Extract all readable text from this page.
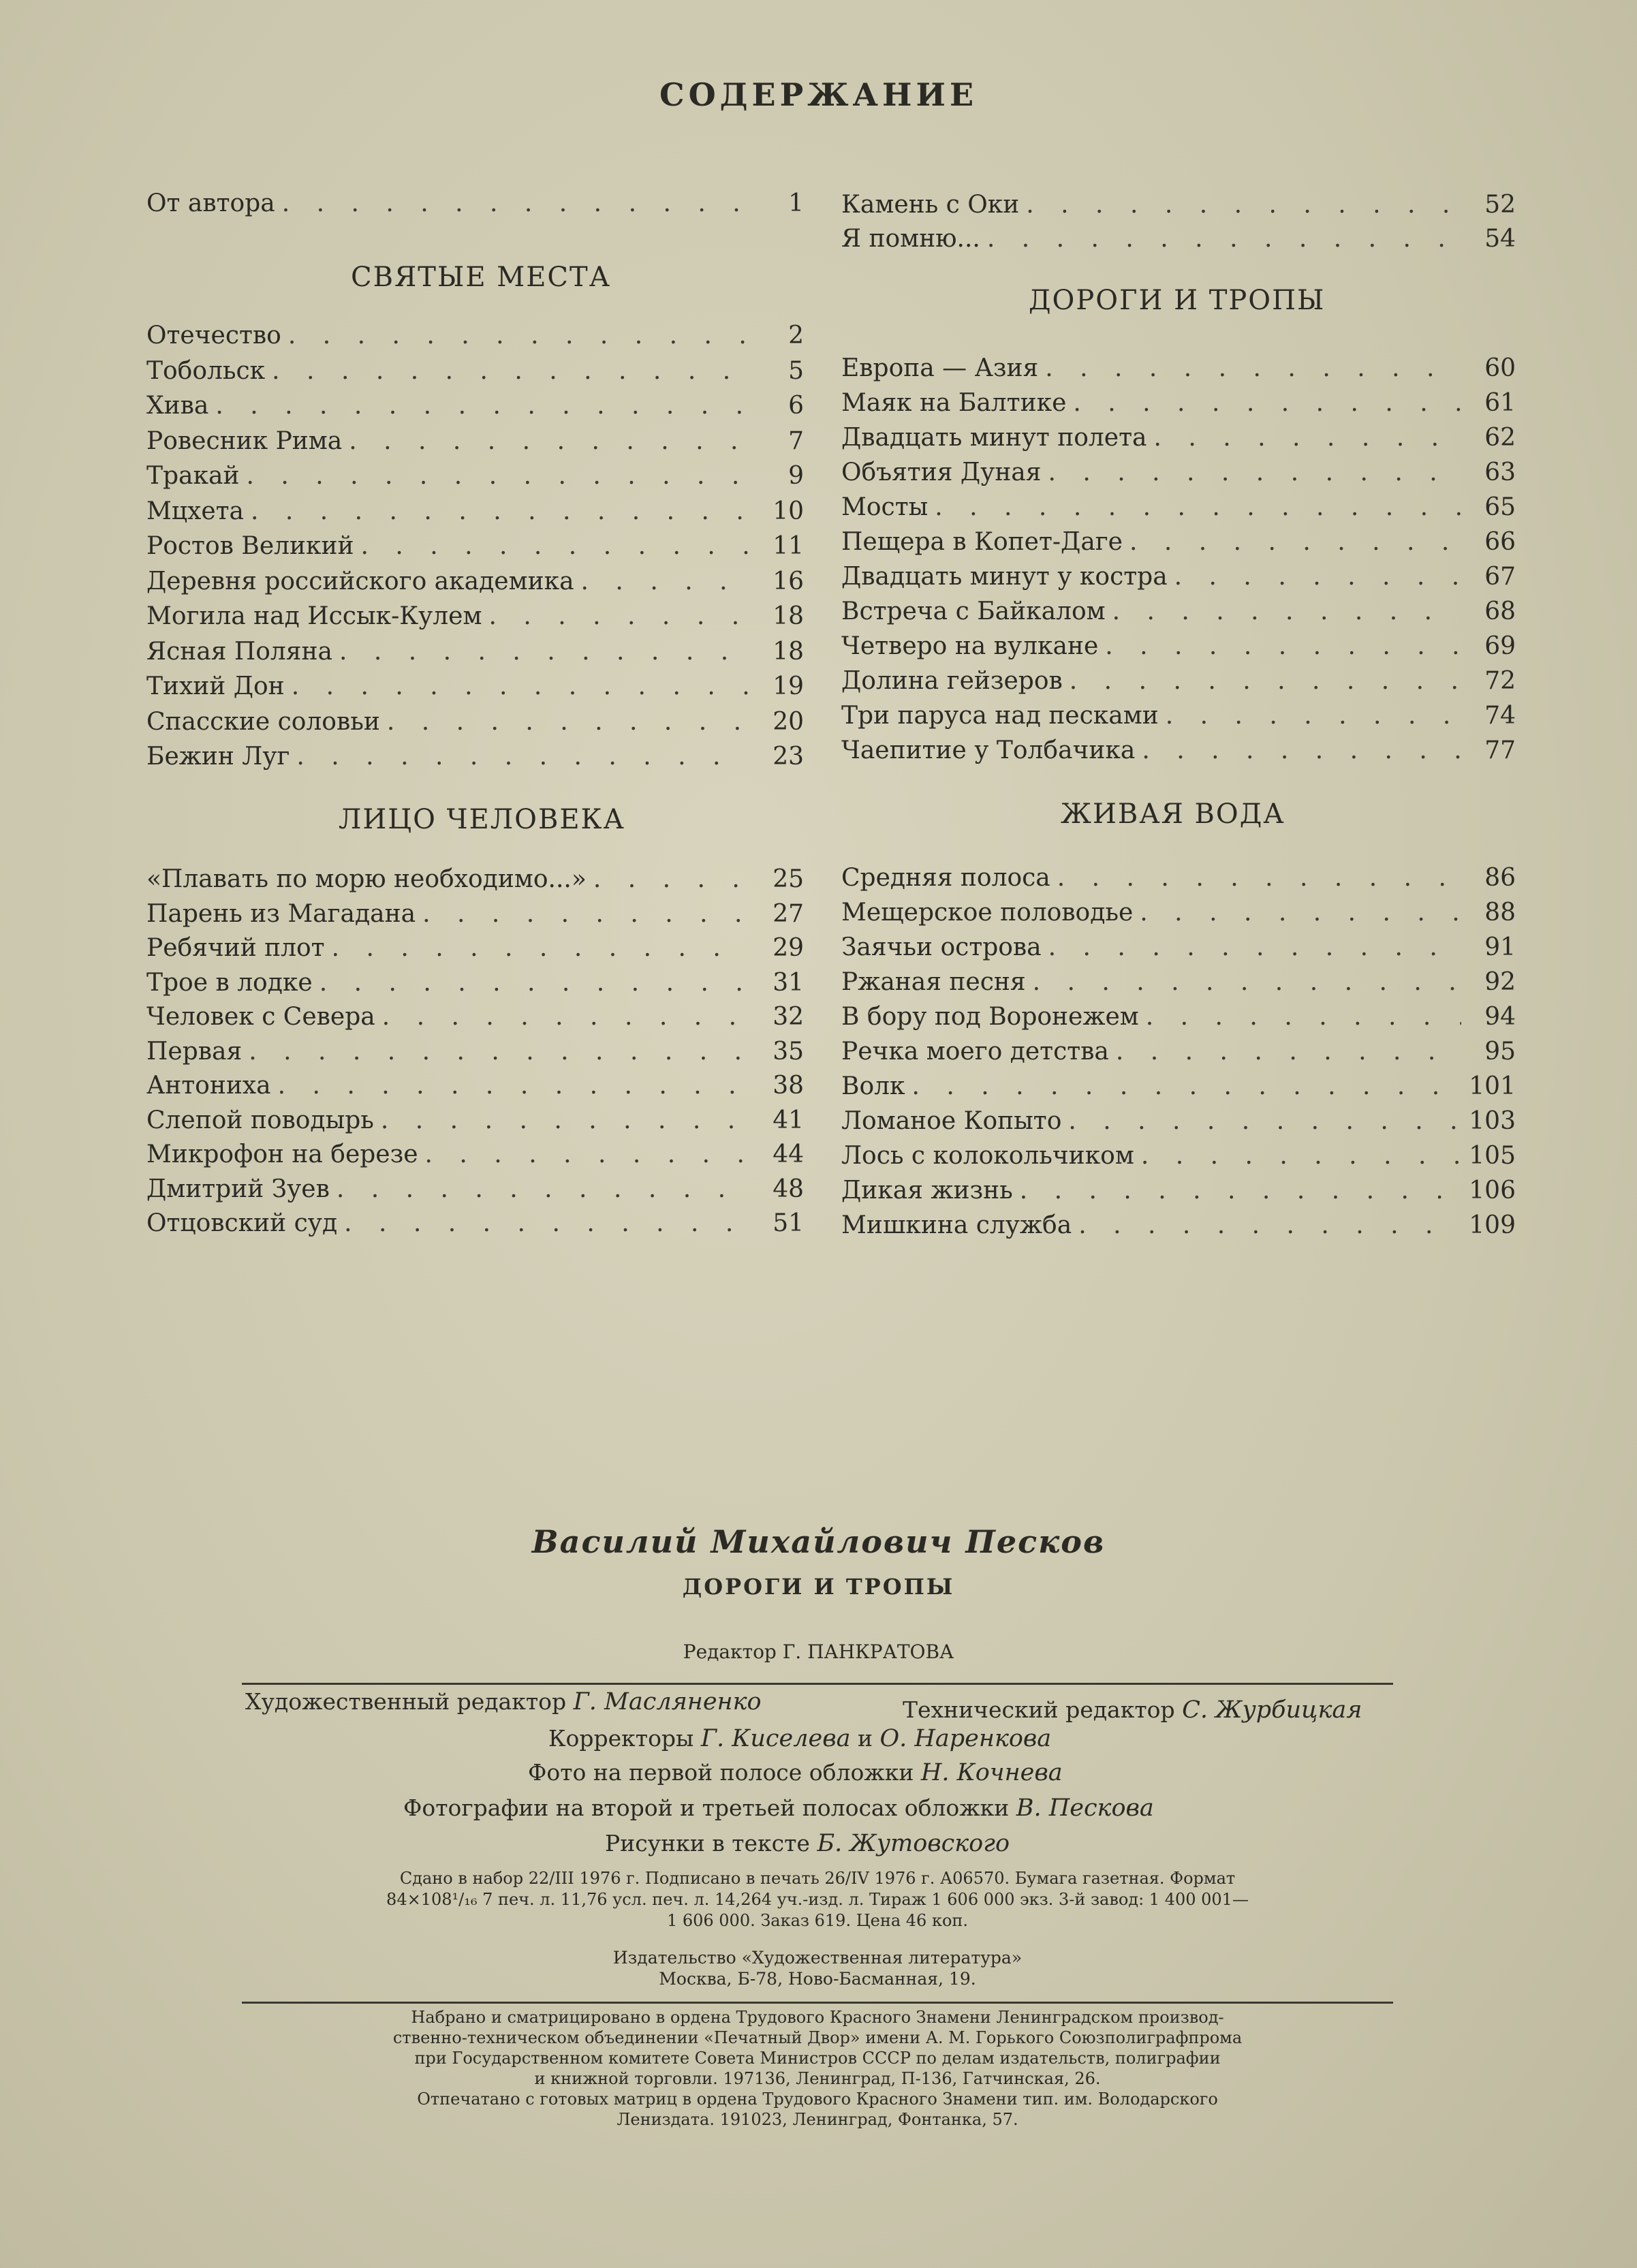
СОДЕРЖАНИЕ
От автора . . .	1
СВЯТЫЕ МЕСТА
Отечество . . .	2
Тобольск . . .	5
Хива . . .	6
Ровесник Рима . . .	7
Тракай . . .	9
Мцхета . . .	10
Ростов Великий . . .	11
Деревня российского академика . . .	16
Могила над Иссык-Кулем . . .	18
Ясная Поляна . . .	18
Тихий Дон . . .	19
Спасские соловьи . . .	20
Бежин Луг . . .	23
ЛИЦО ЧЕЛОВЕКА
«Плавать по морю необходимо...» . . .	25
Парень из Магадана . . .	27
Ребячий плот . . .	29
Трое в лодке . . .	31
Человек с Севера . . .	32
Первая . . .	35
Антониха . . .	38
Слепой поводырь . . .	41
Микрофон на березе . . .	44
Дмитрий Зуев . . .	48
Отцовский суд . . .	51
Камень с Оки . . .	52
Я помню... . . .	54
ДОРОГИ И ТРОПЫ
Европа — Азия . . .	60
Маяк на Балтике . . .	61
Двадцать минут полета . . .	62
Объятия Дуная . . .	63
Мосты . . .	65
Пещера в Копет-Даге . . .	66
Двадцать минут у костра . . .	67
Встреча с Байкалом . . .	68
Четверо на вулкане . . .	69
Долина гейзеров . . .	72
Три паруса над песками . . .	74
Чаепитие у Толбачика . . .	77
ЖИВАЯ ВОДА
Средняя полоса . . .	86
Мещерское половодье . . .	88
Заячьи острова . . .	91
Ржаная песня . . .	92
В бору под Воронежем . . .	94
Речка моего детства . . .	95
Волк . . .	101
Ломаное Копыто . . .	103
Лось с колокольчиком . . .	105
Дикая жизнь . . .	106
Мишкина служба . . .	109
Василий Михайлович Песков
ДОРОГИ И ТРОПЫ
Редактор Г. ПАНКРАТОВА
Художественный редактор Г. Масляненко	Технический редактор С. Журбицкая
Корректоры Г. Киселева и О. Наренкова
Фото на первой полосе обложки Н. Кочнева
Фотографии на второй и третьей полосах обложки В. Пескова
Рисунки в тексте Б. Жутовского
Сдано в набор 22/III 1976 г. Подписано в печать 26/IV 1976 г. А06570. Бумага газетная. Формат
84×108¹/₁₆ 7 печ. л. 11,76 усл. печ. л. 14,264 уч.-изд. л. Тираж 1 606 000 экз. 3-й завод: 1 400 001—
1 606 000. Заказ 619. Цена 46 коп.
Издательство «Художественная литература»
Москва, Б-78, Ново-Басманная, 19.
Набрано и сматрицировано в ордена Трудового Красного Знамени Ленинградском производ-
ственно-техническом объединении «Печатный Двор» имени А. М. Горького Союзполиграфпрома
при Государственном комитете Совета Министров СССР по делам издательств, полиграфии
и книжной торговли. 197136, Ленинград, П-136, Гатчинская, 26.
Отпечатано с готовых матриц в ордена Трудового Красного Знамени тип. им. Володарского
Лениздата. 191023, Ленинград, Фонтанка, 57.
